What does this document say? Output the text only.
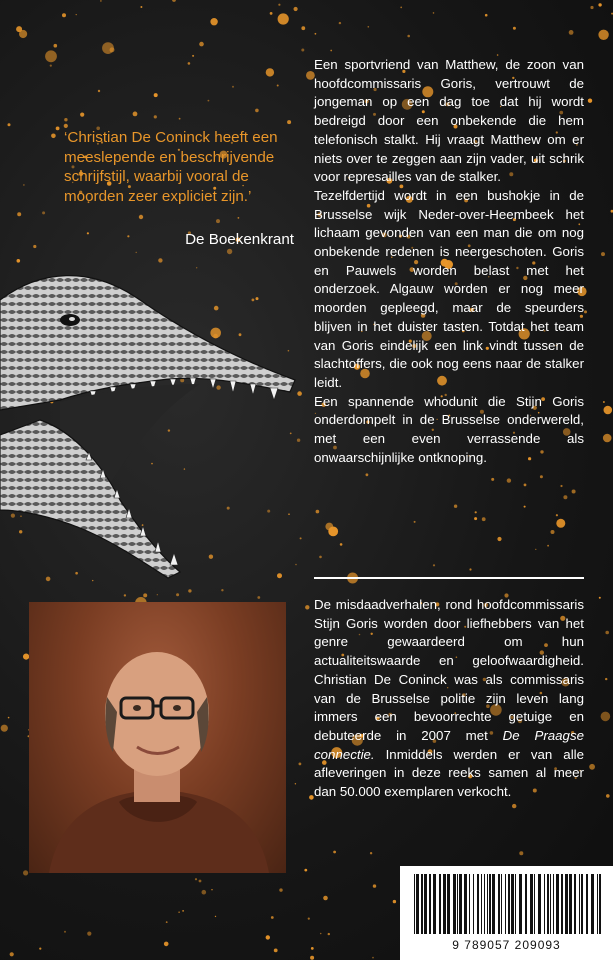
‘Christian De Coninck heeft een
meeslepende en beschrijvende
schrijfstijl, waarbij vooral de
moorden zeer expliciet zijn.’
De Boekenkrant

Een sportvriend van Matthew, de zoon van hoofdcommissaris Goris, vertrouwt de jongeman op een dag toe dat hij wordt bedreigd door een onbekende die hem telefonisch stalkt. Hij vraagt Matthew om er niets over te zeggen aan zijn vader, uit schrik voor represailles van de stalker.

Tezelfdertijd wordt in een bushokje in de Brusselse wijk Neder-over-Heembeek het lichaam gevonden van een man die om nog onbekende redenen is neergeschoten. Goris en Pauwels worden belast met het onderzoek. Algauw worden er nog meer moorden gepleegd, maar de speurders blijven in het duister tasten. Totdat het team van Goris eindelijk een link vindt tussen de slachtoffers, die ook nog eens naar de stalker leidt.

Een spannende whodunit die Stijn Goris onderdompelt in de Brusselse onderwereld, met een even verrassende als onwaarschijnlijke ontknoping.

De misdaadverhalen, rond hoofdcommissaris Stijn Goris worden door liefhebbers van het genre gewaardeerd om hun actualiteitswaarde en geloofwaardigheid. Christian De Coninck was als commissaris van de Brusselse politie zijn leven lang immers een bevoorrechte getuige en debuteerde in 2007 met De Praagse connectie. Inmiddels werden er van alle afleveringen in deze reeks samen al meer dan 50.000 exemplaren verkocht.

9 789057 209093
